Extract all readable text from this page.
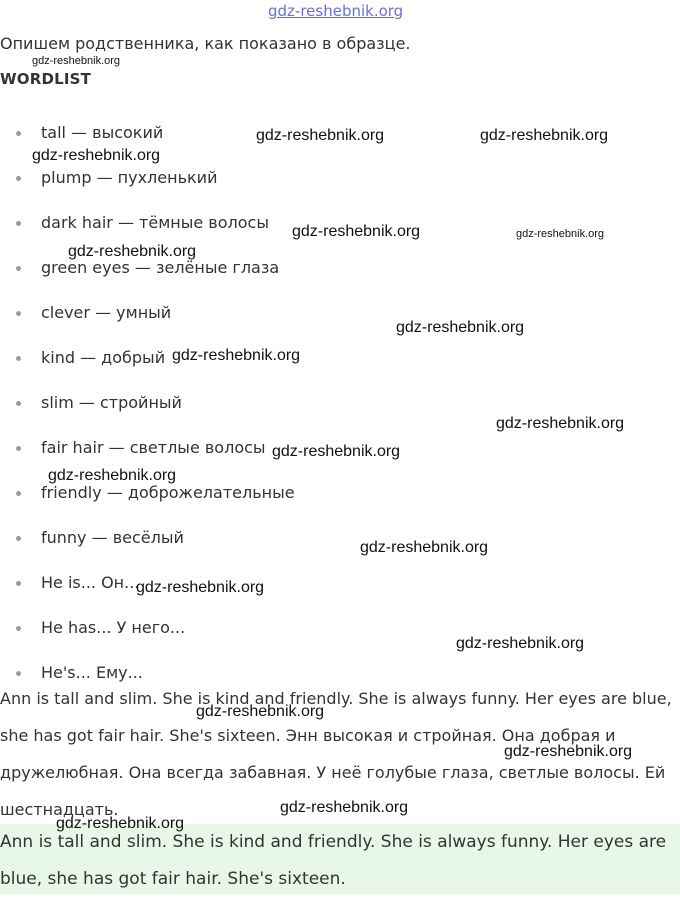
gdz-reshebnik.org
Опишем родственника, как показано в образце.
WORDLIST
tall — высокий
plump — пухленький
dark hair — тёмные волосы
green eyes — зелёные глаза
clever — умный
kind — добрый
slim — стройный
fair hair — светлые волосы
friendly — доброжелательные
funny — весёлый
He is... Он...
He has... У него...
He's... Ему...
Ann is tall and slim. She is kind and friendly. She is always funny. Her eyes are blue, she has got fair hair. She's sixteen. Энн высокая и стройная. Она добрая и дружелюбная. Она всегда забавная. У неё голубые глаза, светлые волосы. Ей шестнадцать.
Ann is tall and slim. She is kind and friendly. She is always funny. Her eyes are blue, she has got fair hair. She's sixteen.
gdz-reshebnik.org
gdz-reshebnik.org	gdz-reshebnik.org
gdz-reshebnik.org
gdz-reshebnik.org	gdz-reshebnik.org
gdz-reshebnik.org
gdz-reshebnik.org
gdz-reshebnik.org
gdz-reshebnik.org
gdz-reshebnik.org
gdz-reshebnik.org
gdz-reshebnik.org
gdz-reshebnik.org
gdz-reshebnik.org
gdz-reshebnik.org
gdz-reshebnik.org
gdz-reshebnik.org
gdz-reshebnik.org
